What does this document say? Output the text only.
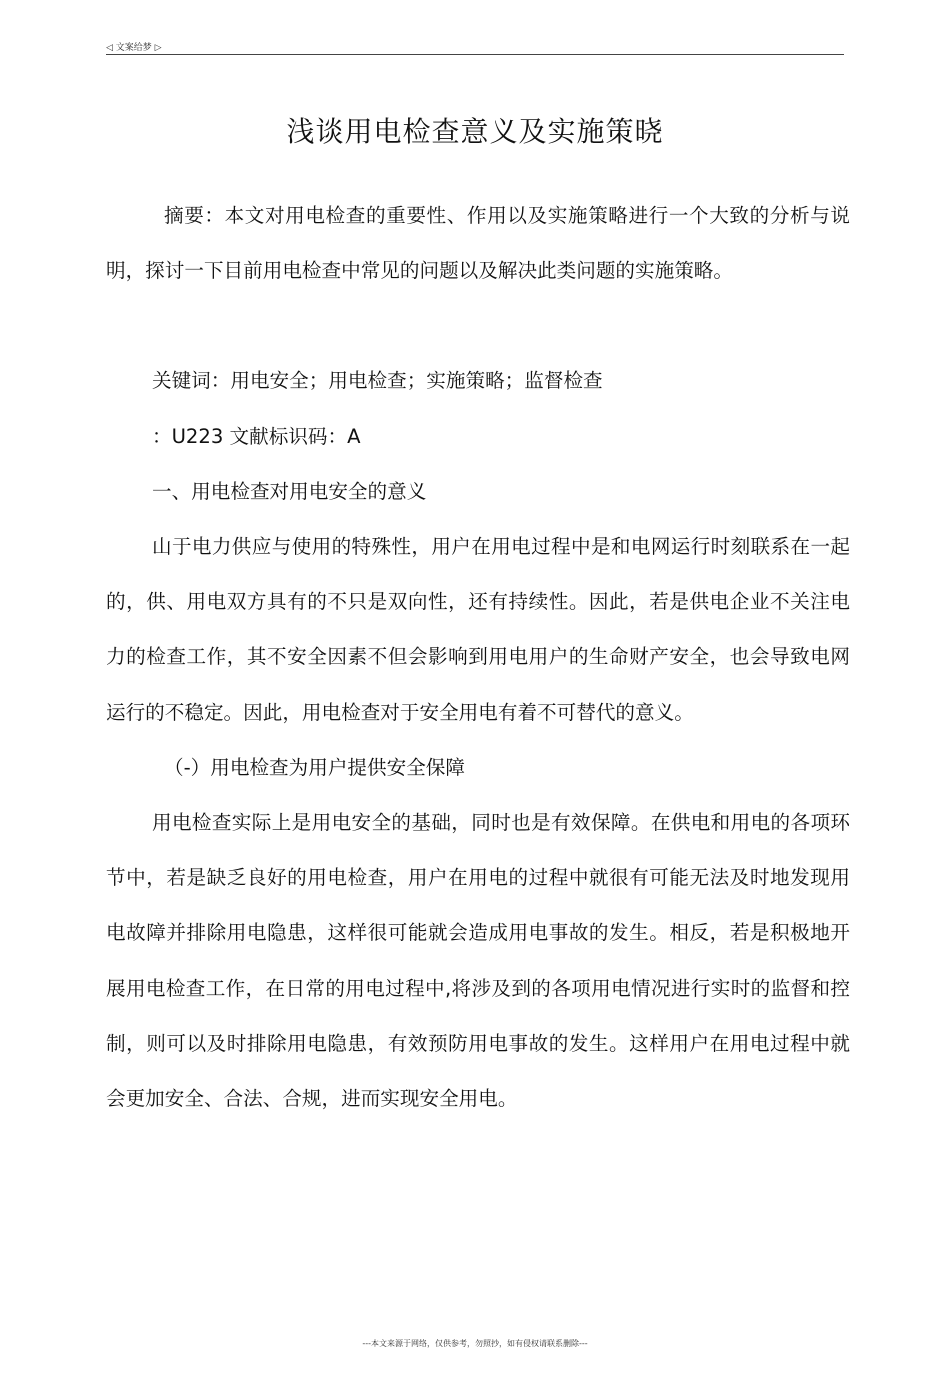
◁ 文案给梦 ▷
浅谈用电检查意义及实施策晓

摘要：本文对用电检查的重要性、作用以及实施策略进行一个大致的分析与说明，探讨一下目前用电检查中常见的问题以及解决此类问题的实施策略。

关键词：用电安全；用电检查；实施策略；监督检查

：U223 文献标识码：A

一、用电检查对用电安全的意义

山于电力供应与使用的特殊性，用户在用电过程中是和电网运行时刻联系在一起的，供、用电双方具有的不只是双向性，还有持续性。因此，若是供电企业不关注电力的检查工作，其不安全因素不但会影响到用电用户的生命财产安全，也会导致电网运行的不稳定。因此，用电检查对于安全用电有着不可替代的意义。

（-）用电检查为用户提供安全保障

用电检查实际上是用电安全的基础，同时也是有效保障。在供电和用电的各项环节中，若是缺乏良好的用电检查，用户在用电的过程中就很有可能无法及时地发现用电故障并排除用电隐患，这样很可能就会造成用电事故的发生。相反，若是积极地开展用电检查工作，在日常的用电过程中,将涉及到的各项用电情况进行实时的监督和控制，则可以及时排除用电隐患，有效预防用电事故的发生。这样用户在用电过程中就会更加安全、合法、合规，进而实现安全用电。

---本文来源于网络，仅供参考，勿照抄，如有侵权请联系删除---
